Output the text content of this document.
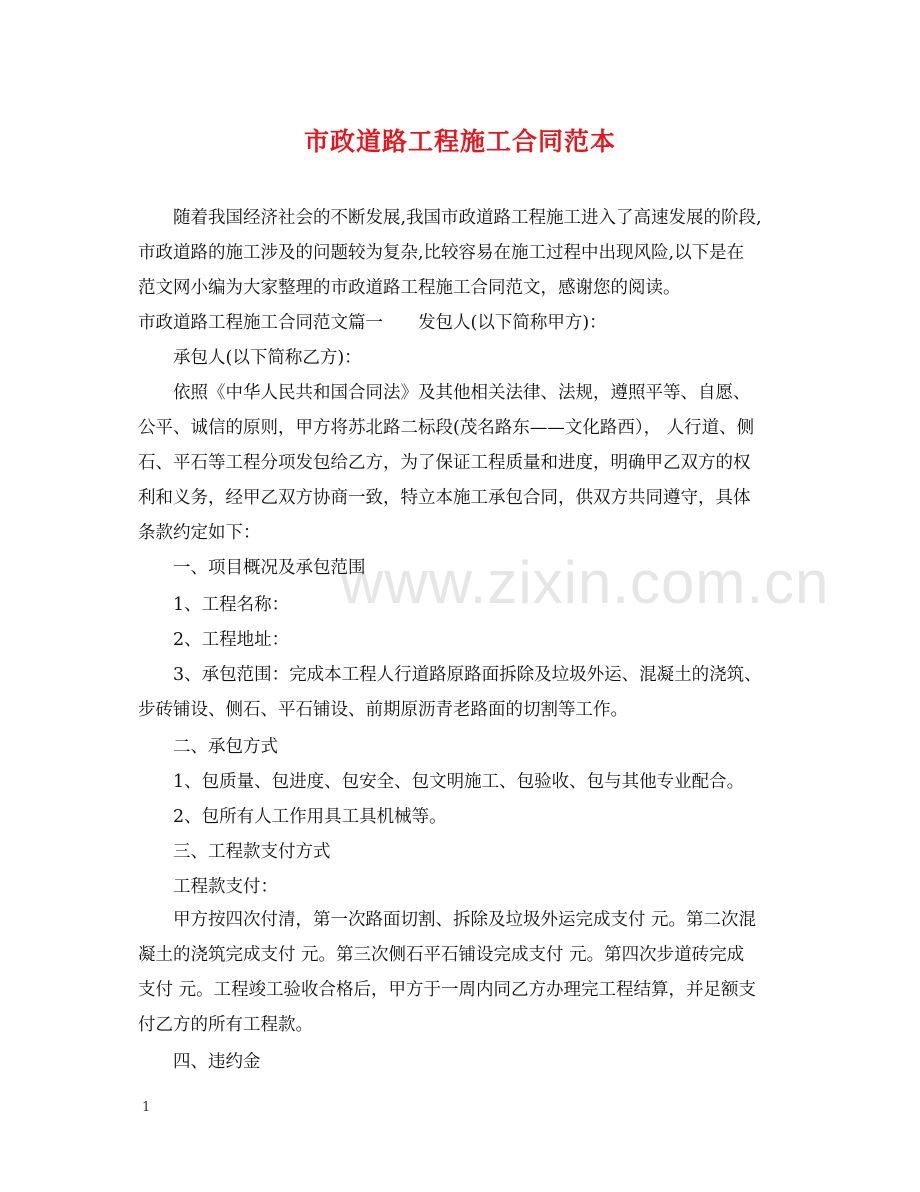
www.zixin.com.cn
市政道路工程施工合同范本
　　随着我国经济社会的不断发展,我国市政道路工程施工进入了高速发展的阶段,
市政道路的施工涉及的问题较为复杂,比较容易在施工过程中出现风险,以下是在
范文网小编为大家整理的市政道路工程施工合同范文，感谢您的阅读。
市政道路工程施工合同范文篇一　　发包人(以下简称甲方)：
　　承包人(以下简称乙方)：
　　依照《中华人民共和国合同法》及其他相关法律、法规，遵照平等、自愿、
公平、诚信的原则，甲方将苏北路二标段(茂名路东——文化路西）， 人行道、侧
石、平石等工程分项发包给乙方，为了保证工程质量和进度，明确甲乙双方的权
利和义务，经甲乙双方协商一致，特立本施工承包合同，供双方共同遵守，具体
条款约定如下：
　　一、项目概况及承包范围
　　1、工程名称：
　　2、工程地址：
　　3、承包范围：完成本工程人行道路原路面拆除及垃圾外运、混凝土的浇筑、
步砖铺设、侧石、平石铺设、前期原沥青老路面的切割等工作。
　　二、承包方式
　　1、包质量、包进度、包安全、包文明施工、包验收、包与其他专业配合。
　　2、包所有人工作用具工具机械等。
　　三、工程款支付方式
　　工程款支付：
　　甲方按四次付清，第一次路面切割、拆除及垃圾外运完成支付 元。第二次混
凝土的浇筑完成支付 元。第三次侧石平石铺设完成支付 元。第四次步道砖完成
支付 元。工程竣工验收合格后，甲方于一周内同乙方办理完工程结算，并足额支
付乙方的所有工程款。
　　四、违约金
1
